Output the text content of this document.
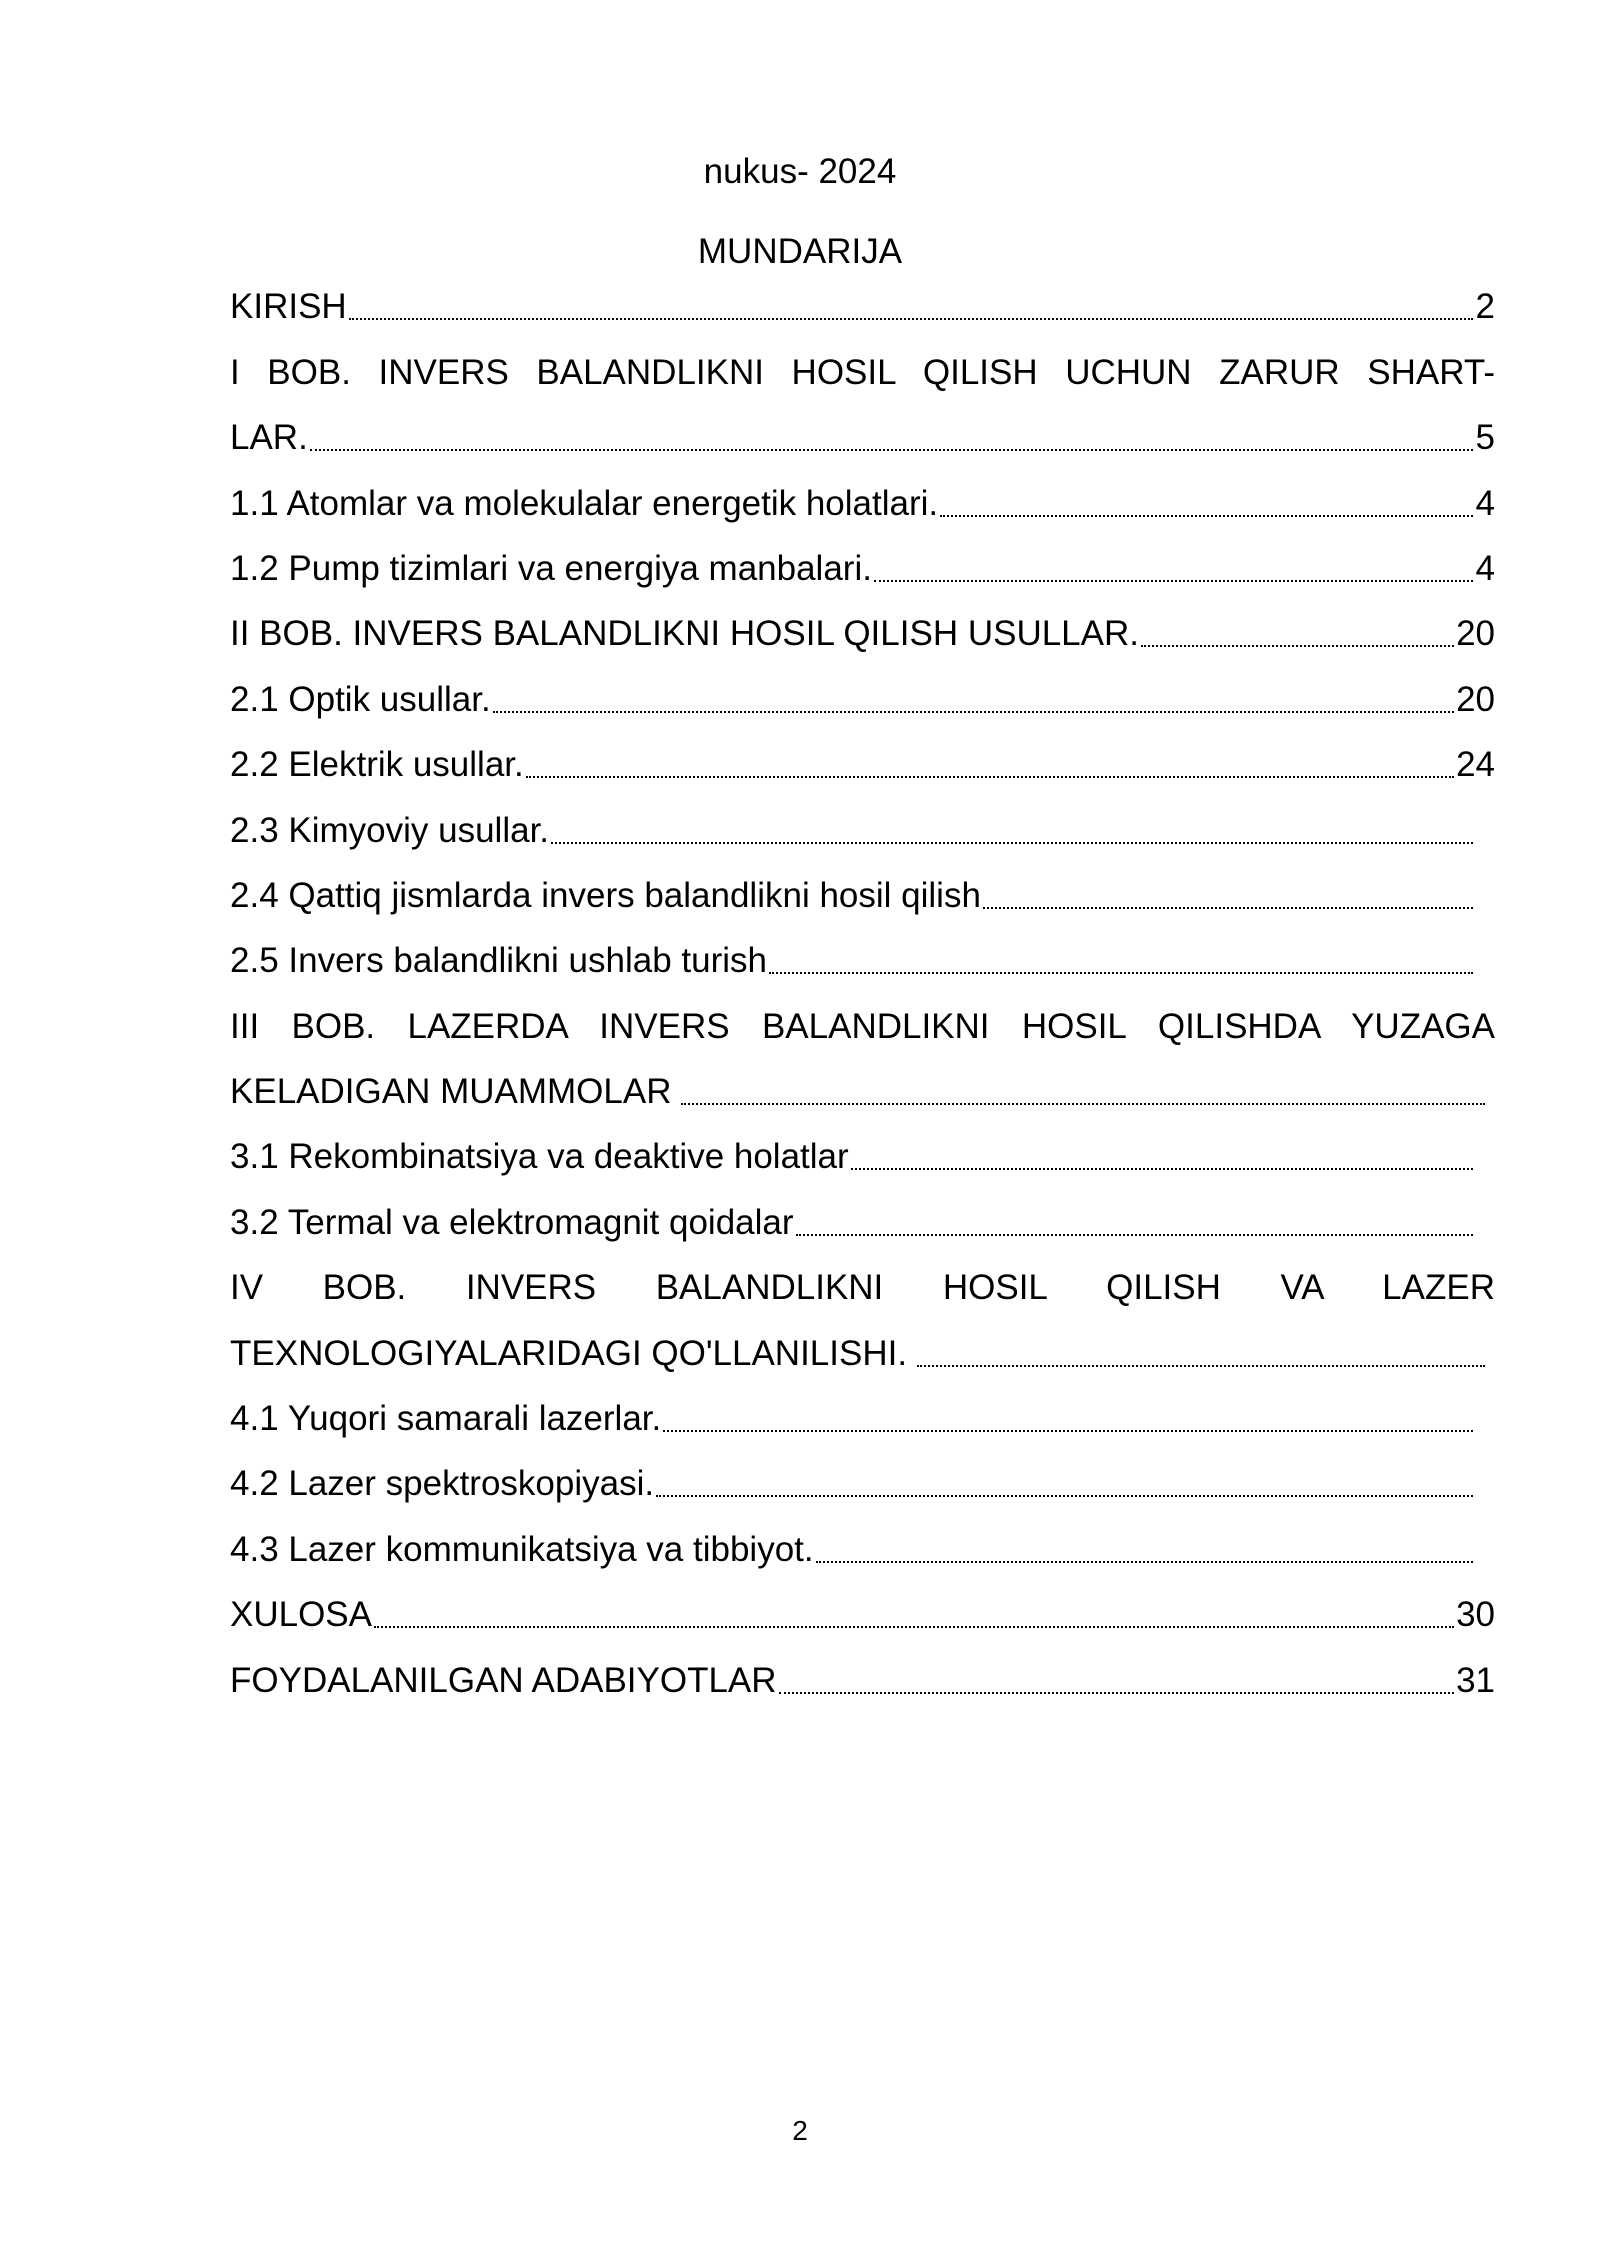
nukus- 2024
MUNDARIJA
KIRISH	2
I BOB. INVERS BALANDLIKNI HOSIL QILISH UCHUN ZARUR SHART-
LAR.	5
1.1 Atomlar va molekulalar energetik holatlari.	4
1.2 Pump tizimlari va energiya manbalari.	4
II BOB. INVERS BALANDLIKNI HOSIL QILISH USULLAR.	20
2.1 Optik usullar.	20
2.2 Elektrik usullar.	24
2.3 Kimyoviy usullar.
2.4 Qattiq jismlarda invers balandlikni hosil qilish
2.5 Invers balandlikni ushlab turish
III BOB. LAZERDA INVERS BALANDLIKNI HOSIL QILISHDA YUZAGA
KELADIGAN MUAMMOLAR
3.1 Rekombinatsiya va deaktive holatlar
3.2 Termal va elektromagnit qoidalar
IV BOB. INVERS BALANDLIKNI HOSIL QILISH VA LAZER
TEXNOLOGIYALARIDAGI QO'LLANILISHI.
4.1 Yuqori samarali lazerlar.
4.2 Lazer spektroskopiyasi.
4.3 Lazer kommunikatsiya va tibbiyot.
XULOSA	30
FOYDALANILGAN ADABIYOTLAR	31
2
